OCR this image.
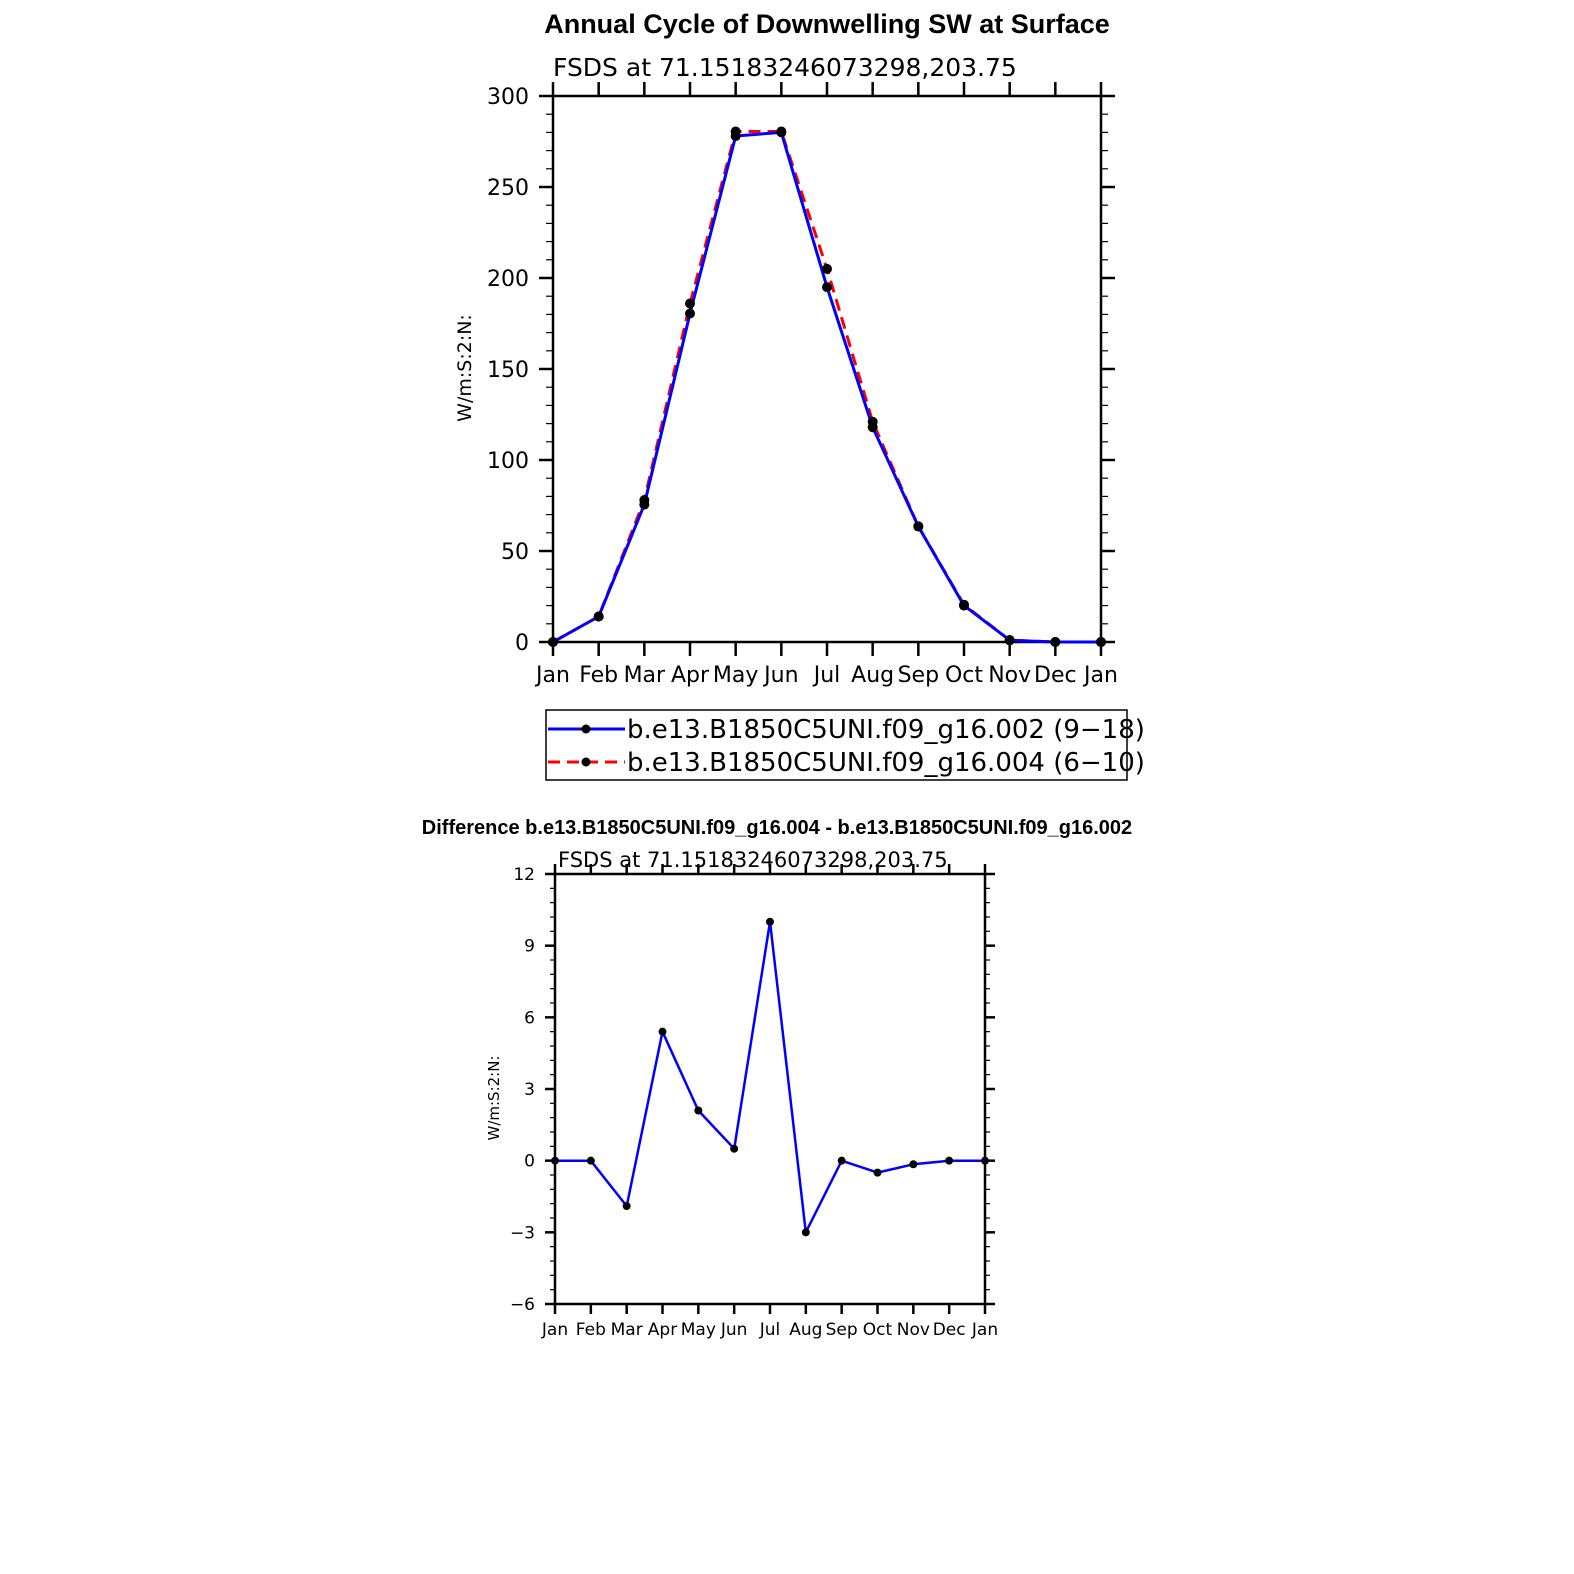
Annual Cycle of Downwelling SW at Surface
FSDS at 71.15183246073298,203.75
W/m:S:2:N:
Jan Feb Mar Apr May Jun Jul Aug Sep Oct Nov Dec Jan
0
50
100
150
200
250
300
b.e13.B1850C5UNI.f09_g16.002 (9−18)
b.e13.B1850C5UNI.f09_g16.004 (6−10)
Difference b.e13.B1850C5UNI.f09_g16.004 - b.e13.B1850C5UNI.f09_g16.002
FSDS at 71.15183246073298,203.75
W/m:S:2:N:
Jan Feb Mar Apr May Jun Jul Aug Sep Oct Nov Dec Jan
−6
−3
0
3
6
9
12
